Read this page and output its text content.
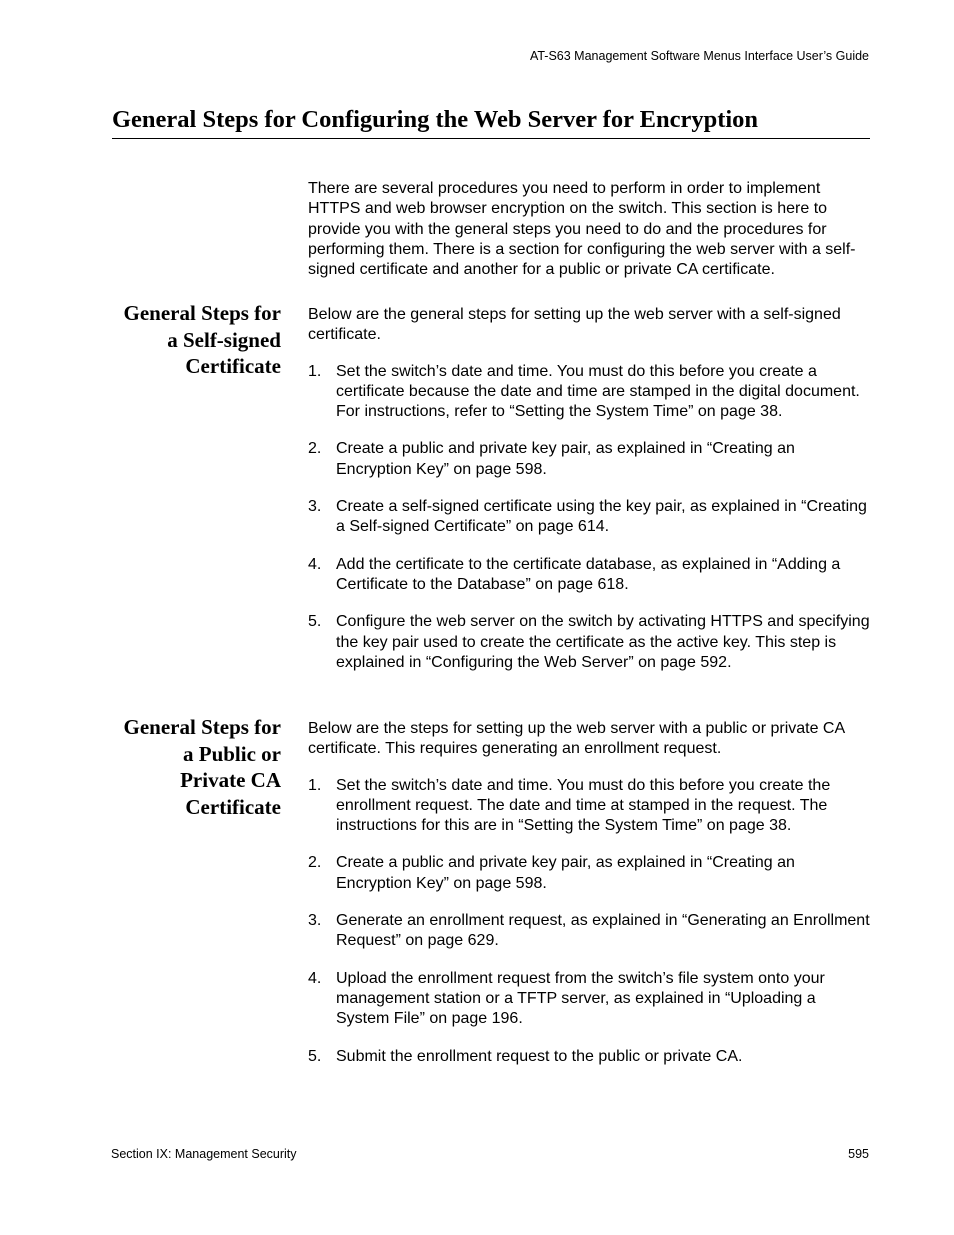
AT-S63 Management Software Menus Interface User’s Guide
General Steps for Configuring the Web Server for Encryption

There are several procedures you need to perform in order to implement HTTPS and web browser encryption on the switch. This section is here to provide you with the general steps you need to do and the procedures for performing them. There is a section for configuring the web server with a self-signed certificate and another for a public or private CA certificate.

General Steps for
a Self-signed
Certificate

Below are the general steps for setting up the web server with a self-signed certificate.

1. Set the switch’s date and time. You must do this before you create a certificate because the date and time are stamped in the digital document. For instructions, refer to “Setting the System Time” on page 38.
2. Create a public and private key pair, as explained in “Creating an Encryption Key” on page 598.
3. Create a self-signed certificate using the key pair, as explained in “Creating a Self-signed Certificate” on page 614.
4. Add the certificate to the certificate database, as explained in “Adding a Certificate to the Database” on page 618.
5. Configure the web server on the switch by activating HTTPS and specifying the key pair used to create the certificate as the active key. This step is explained in “Configuring the Web Server” on page 592.
General Steps for
a Public or
Private CA
Certificate

Below are the steps for setting up the web server with a public or private CA certificate. This requires generating an enrollment request.

1. Set the switch’s date and time. You must do this before you create the enrollment request. The date and time at stamped in the request. The instructions for this are in “Setting the System Time” on page 38.
2. Create a public and private key pair, as explained in “Creating an Encryption Key” on page 598.
3. Generate an enrollment request, as explained in “Generating an Enrollment Request” on page 629.
4. Upload the enrollment request from the switch’s file system onto your management station or a TFTP server, as explained in “Uploading a System File” on page 196.
5. Submit the enrollment request to the public or private CA.
Section IX: Management Security	595
